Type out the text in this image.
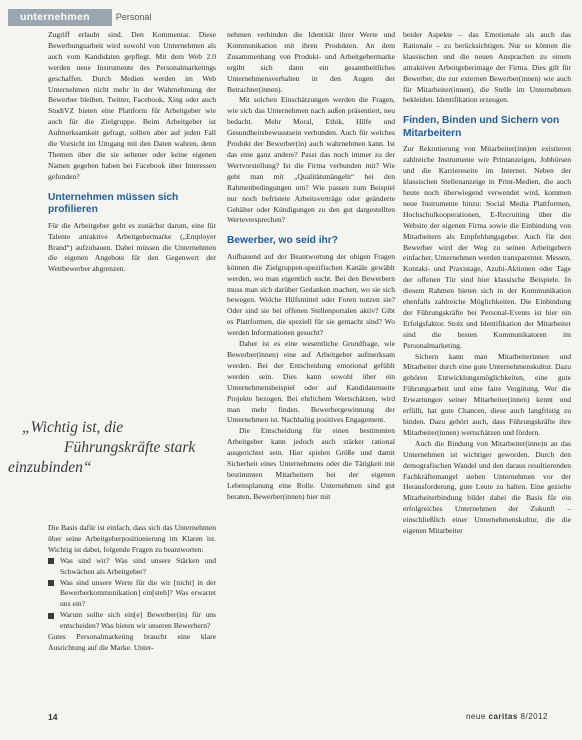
unternehmen	Personal

Zugriff erlaubt sind. Den Kommentar. Diese Bewerbungsarbeit wird sowohl von Unternehmen als auch vom Kandidaten gepflegt. Mit dem Web 2.0 werden neue Instrumente des Personalmarketings geschaffen. Durch Medien werden im Web Unternehmen nicht mehr in der Wahrnehmung der Bewerber bleiben. Twitter, Facebook, Xing oder auch StudiVZ bieten eine Plattform für Arbeitgeber wie auch für die Zielgruppe. Beim Arbeitgeber ist Aufmerksamkeit gefragt, sollten aber auf jeden Fall die Vorsicht im Umgang mit den Daten wahren, denn Themen über die sie seltener oder keine eigenen Namen gegeben haben bei Facebook über Interessen gefunden?

Unternehmen müssen sich profilieren

Für die Arbeitgeber geht es zunächst darum, eine für Talente attraktive Arbeitgebermarke („Employer Brand“) aufzubauen. Dabei müssen die Unternehmen die eigenen Angebote für den Gegenwert der Wettbewerber abgrenzen.

„Wichtig ist, die
Führungskräfte stark
einzubinden“

Die Basis dafür ist einfach, dass sich das Unternehmen über seine Arbeitgeberpositionierung im Klaren ist. Wichtig ist dabei, folgende Fragen zu beantworten:

Was sind wir? Was sind unsere Stärken und Schwächen als Arbeitgeber?
Was sind unsere Werte für die wir [nicht] in der Bewerberkommunikation] ein[steh]? Was erwartet uns ein?
Warum sollte sich ein[e] Bewerber(in) für uns entscheiden? Was bieten wir unseren Bewerbern?

Gutes Personalmarketing braucht eine klare Ausrichtung auf die Marke. Unter-

nehmen verbinden die Identität ihrer Werte und Kommunikation mit ihren Produkten. An dem Zusammenhang von Produkt- und Arbeitgebermarke ergibt sich dann ein gesamtheitliches Unternehmensverhalten in den Augen der Betrachter(innen).

Mit solchen Einschätzungen werden die Fragen, wie sich das Unternehmen nach außen präsentiert, neu bedacht. Mehr Moral, Ethik, Hilfe und Gesundheitsbewusstsein verbunden. Auch für welches Produkt der Bewerber(in) auch wahrnehmen kann. Ist das eine ganz andere? Passt das noch immer zu der Wertvorstellung? Ist die Firma verbunden mit? Wie geht man mit „Qualitätsmängeln“ bei den Rahmenbedingungen um? Wie passen zum Beispiel nur noch befristete Arbeitsverträge oder geänderte Gehälter oder Kündigungen zu den gut dargestellten Werteversprechen?

Bewerber, wo seid ihr?

Aufbauend auf der Beantwortung der obigen Fragen können die Zielgruppen-spezifischen Kanäle gewählt werden, wo man eigentlich sucht. Bei den Bewerbern muss man sich darüber Gedanken machen, wo sie sich bewegen. Welche Hilfsmittel oder Foren nutzen sie? Oder sind sie bei offenen Stellenportalen aktiv? Gibt es Plattformen, die speziell für sie gemacht sind? Wo werden Informationen gesucht?

Daher ist es eine wesentliche Grundfrage, wie Bewerber(innen) eine auf Arbeitgeber aufmerksam werden. Bei der Entscheidung emotional gefühlt werden sein. Dies kann sowohl über ein Unternehmensbeispiel oder auf Kandidatenseite Projekte bezogen. Bei ehrlichem Wertschätzen, wird man mehr finden. Bewerbergewinnung der Unternehmen ist. Nachhaltig positives Engagement.

Die Entscheidung für einen bestimmten Arbeitgeber kann jedoch auch stärker rational ausgerichtet sein. Hier spielen Größe und damit Sicherheit eines Unternehmens oder die Tätigkeit mit bestimmten Mitarbeitern bei der eigenen Lebensplanung eine Rolle. Unternehmen sind gut beraten, Bewerber(innen) hier mit

beider Aspekte – das Emotionale als auch das Rationale – zu berücksichtigen. Nur so können die klassischen und die neuen Ansprachen zu einem attraktiven Arbeitgeberimage der Firma. Dies gilt für Bewerber, die zur externen Bewerber(innen) wie auch für Mitarbeiter(innen), die Stelle im Unternehmen bekleiden. Identifikation erzeugen.

Finden, Binden und Sichern von Mitarbeitern

Zur Rekrutierung von Mitarbeiter(inn)en existieren zahlreiche Instrumente wie Printanzeigen, Jobbörsen und die Karriereseite im Internet. Neben der klassischen Stellenanzeige in Print-Medien, die auch heute noch überwiegend verwendet wird, kommen neue Instrumente hinzu: Social Media Plattformen, Hochschulkooperationen, E-Recruiting über die Website der eigenen Firma sowie die Einbindung von Mitarbeitern als Empfehlungsgeber. Auch für den Bewerber wird der Weg zu seinen Arbeitgebern einfacher, Unternehmen werden transparenter. Messen, Kontakt- und Praxistage, Azubi-Aktionen oder Tage der offenen Tür sind hier klassische Beispiele. In diesem Rahmen bieten sich in der Kommunikation ebenfalls zahlreiche Möglichkeiten. Die Einbindung der Führungskräfte bei Personal-Events ist hier ein Erfolgsfaktor. Stolz und Identifikation der Mitarbeiter sind die besten Kommunikatoren im Personalmarketing.

Sichern kann man Mitarbeiterinnen und Mitarbeiter durch eine gute Unternehmenskultur. Dazu gehören Entwicklungsmöglichkeiten, eine gute Führungsarbeit und eine faire Vergütung. Wer die Erwartungen seiner Mitarbeiter(innen) kennt und erfüllt, hat gute Chancen, diese auch langfristig zu binden. Dazu gehört auch, dass Führungskräfte ihre Mitarbeiter(innen) wertschätzen und fördern.

Auch die Bindung von Mitarbeiter(inne)n an das Unternehmen ist wichtiger geworden. Durch den demografischen Wandel und den daraus resultierenden Fachkräftemangel stehen Unternehmen vor der Herausforderung, gute Leute zu halten. Eine gezielte Mitarbeiterbindung bildet dabei die Basis für ein erfolgreiches Unternehmen der Zukunft – einschließlich einer Unternehmenskultur, die die eigenen Mitarbeiter

14	neue caritas 8/2012
